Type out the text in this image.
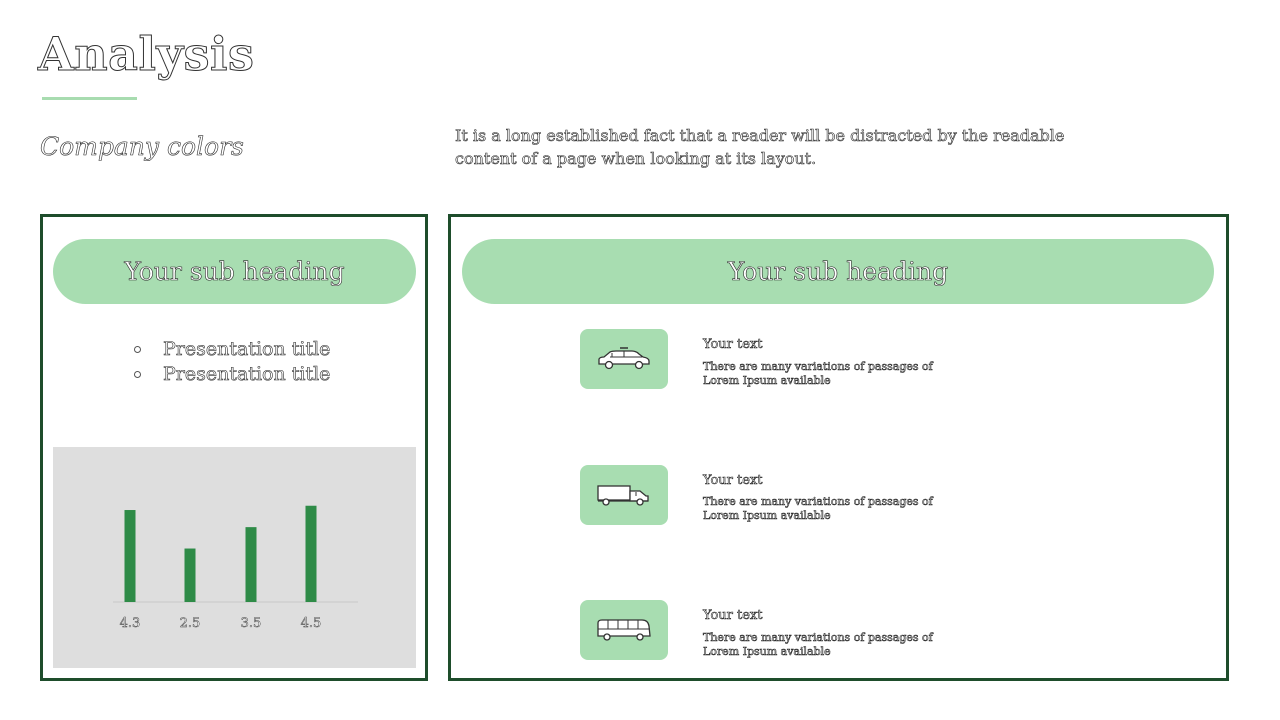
Analysis
Company colors	It is a long established fact that a reader will be distracted by the readable content of a page when looking at its layout.
Your sub heading
Presentation title
Presentation title
4.3	2.5	3.5	4.5
Your sub heading
Your text
There are many variations of passages of Lorem Ipsum available
Your text
There are many variations of passages of Lorem Ipsum available
Your text
There are many variations of passages of Lorem Ipsum available
